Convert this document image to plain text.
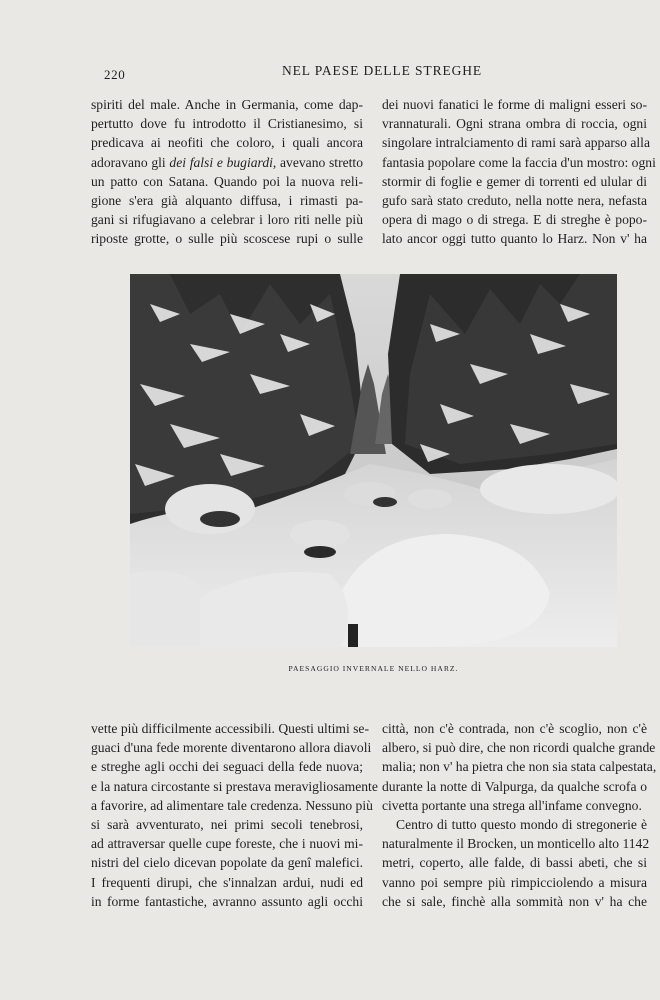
220	NEL PAESE DELLE STREGHE

spiriti del male. Anche in Germania, come dap-
pertutto dove fu introdotto il Cristianesimo, si
predicava ai neofiti che coloro, i quali ancora
adoravano gli dei falsi e bugiardi, avevano stretto
un patto con Satana. Quando poi la nuova reli-
gione s'era già alquanto diffusa, i rimasti pa-
gani si rifugiavano a celebrar i loro riti nelle più
riposte grotte, o sulle più scoscese rupi o sulle

dei nuovi fanatici le forme di maligni esseri so-
vrannaturali. Ogni strana ombra di roccia, ogni
singolare intralciamento di rami sarà apparso alla
fantasia popolare come la faccia d'un mostro: ogni
stormir di foglie e gemer di torrenti ed ulular di
gufo sarà stato creduto, nella notte nera, nefasta
opera di mago o di strega. E di streghe è popo-
lato ancor oggi tutto quanto lo Harz. Non v' ha

PAESAGGIO INVERNALE NELLO HARZ.

vette più difficilmente accessibili. Questi ultimi se-
guaci d'una fede morente diventarono allora diavoli
e streghe agli occhi dei seguaci della fede nuova;
e la natura circostante si prestava meravigliosamente
a favorire, ad alimentare tale credenza. Nessuno più
si sarà avventurato, nei primi secoli tenebrosi,
ad attraversar quelle cupe foreste, che i nuovi mi-
nistri del cielo dicevan popolate da genî malefici.
I frequenti dirupi, che s'innalzan ardui, nudi ed
in forme fantastiche, avranno assunto agli occhi

città, non c'è contrada, non c'è scoglio, non c'è
albero, si può dire, che non ricordi qualche grande
malia; non v' ha pietra che non sia stata calpestata,
durante la notte di Valpurga, da qualche scrofa o
civetta portante una strega all'infame convegno.

Centro di tutto questo mondo di stregonerie è
naturalmente il Brocken, un monticello alto 1142
metri, coperto, alle falde, di bassi abeti, che si
vanno poi sempre più rimpicciolendo a misura
che si sale, finchè alla sommità non v' ha che
